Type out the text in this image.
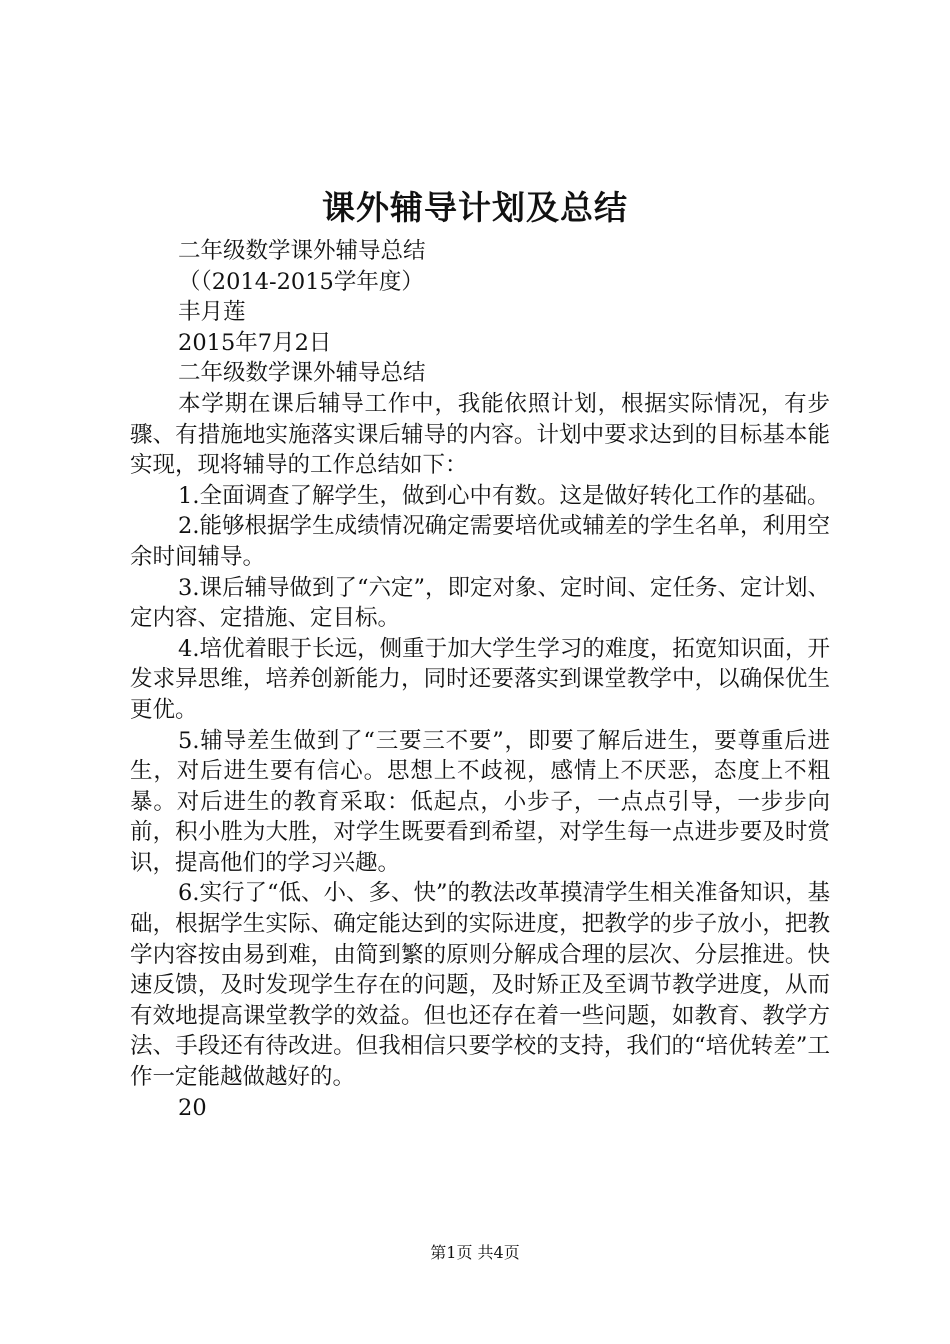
课外辅导计划及总结

二年级数学课外辅导总结

（（2014-2015学年度）

丰月莲

2015年7月2日

二年级数学课外辅导总结

本学期在课后辅导工作中，我能依照计划，根据实际情况，有步骤、有措施地实施落实课后辅导的内容。计划中要求达到的目标基本能实现，现将辅导的工作总结如下：

1.全面调查了解学生，做到心中有数。这是做好转化工作的基础。

2.能够根据学生成绩情况确定需要培优或辅差的学生名单，利用空余时间辅导。

3.课后辅导做到了“六定”，即定对象、定时间、定任务、定计划、定内容、定措施、定目标。

4.培优着眼于长远，侧重于加大学生学习的难度，拓宽知识面，开发求异思维，培养创新能力，同时还要落实到课堂教学中，以确保优生更优。

5.辅导差生做到了“三要三不要”，即要了解后进生，要尊重后进生，对后进生要有信心。思想上不歧视，感情上不厌恶，态度上不粗暴。对后进生的教育采取：低起点，小步子，一点点引导，一步步向前，积小胜为大胜，对学生既要看到希望，对学生每一点进步要及时赏识，提高他们的学习兴趣。

6.实行了“低、小、多、快”的教法改革摸清学生相关准备知识，基础，根据学生实际、确定能达到的实际进度，把教学的步子放小，把教学内容按由易到难，由简到繁的原则分解成合理的层次、分层推进。快速反馈，及时发现学生存在的问题，及时矫正及至调节教学进度，从而有效地提高课堂教学的效益。但也还存在着一些问题，如教育、教学方法、手段还有待改进。但我相信只要学校的支持，我们的“培优转差”工作一定能越做越好的。

20

第1页 共4页
